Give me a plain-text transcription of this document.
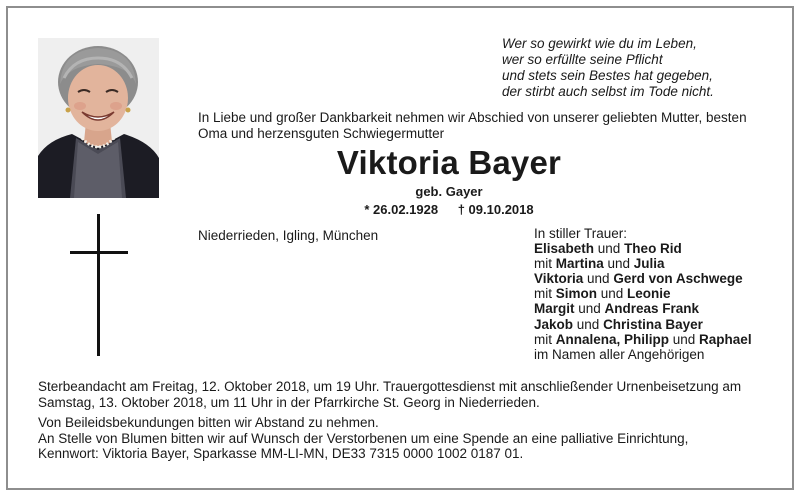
Wer so gewirkt wie du im Leben,
wer so erfüllte seine Pflicht
und stets sein Bestes hat gegeben,
der stirbt auch selbst im Tode nicht.
In Liebe und großer Dankbarkeit nehmen wir Abschied von unserer geliebten Mutter, besten Oma und herzensguten Schwiegermutter
Viktoria Bayer
geb. Gayer
* 26.02.1928 † 09.10.2018
Niederrieden, Igling, München	In stiller Trauer:
Elisabeth und Theo Rid
mit Martina und Julia
Viktoria und Gerd von Aschwege
mit Simon und Leonie
Margit und Andreas Frank
Jakob und Christina Bayer
mit Annalena, Philipp und Raphael
im Namen aller Angehörigen

Sterbeandacht am Freitag, 12. Oktober 2018, um 19 Uhr. Trauergottesdienst mit anschließender Urnenbeisetzung am Samstag, 13. Oktober 2018, um 11 Uhr in der Pfarrkirche St. Georg in Niederrieden.

Von Beileidsbekundungen bitten wir Abstand zu nehmen.

An Stelle von Blumen bitten wir auf Wunsch der Verstorbenen um eine Spende an eine palliative Einrichtung,

Kennwort: Viktoria Bayer, Sparkasse MM-LI-MN, DE33 7315 0000 1002 0187 01.
